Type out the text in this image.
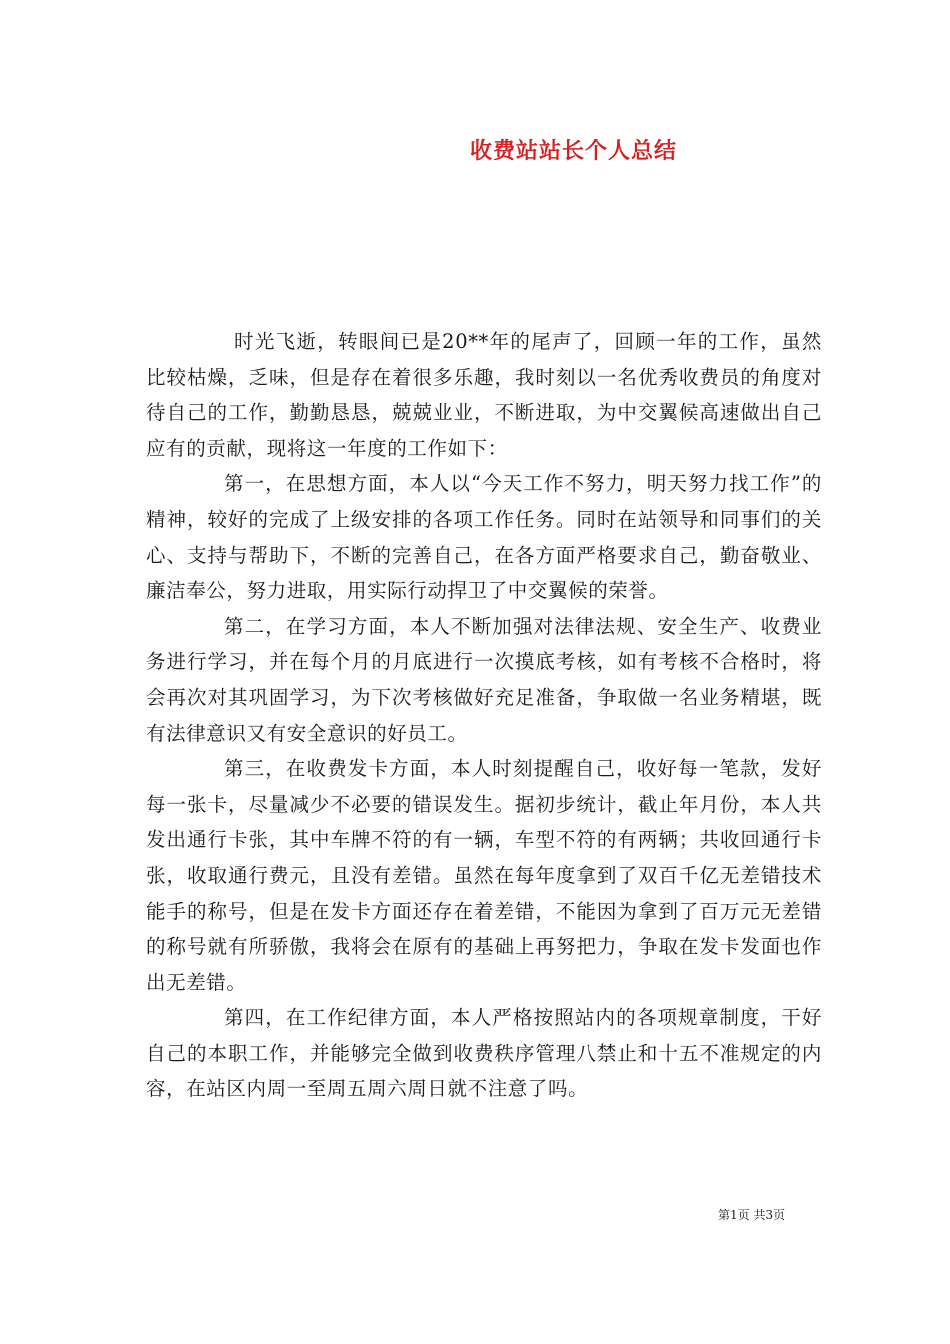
收费站站长个人总结

时光飞逝，转眼间已是20**年的尾声了，回顾一年的工作，虽然比较枯燥，乏味，但是存在着很多乐趣，我时刻以一名优秀收费员的角度对待自己的工作，勤勤恳恳，兢兢业业，不断进取，为中交翼候高速做出自己应有的贡献，现将这一年度的工作如下：

第一，在思想方面，本人以“今天工作不努力，明天努力找工作”的精神，较好的完成了上级安排的各项工作任务。同时在站领导和同事们的关心、支持与帮助下，不断的完善自己，在各方面严格要求自己，勤奋敬业、廉洁奉公，努力进取，用实际行动捍卫了中交翼候的荣誉。

第二，在学习方面，本人不断加强对法律法规、安全生产、收费业务进行学习，并在每个月的月底进行一次摸底考核，如有考核不合格时，将会再次对其巩固学习，为下次考核做好充足准备，争取做一名业务精堪，既有法律意识又有安全意识的好员工。

第三，在收费发卡方面，本人时刻提醒自己，收好每一笔款，发好每一张卡，尽量减少不必要的错误发生。据初步统计，截止年月份，本人共发出通行卡张，其中车牌不符的有一辆，车型不符的有两辆；共收回通行卡张，收取通行费元，且没有差错。虽然在每年度拿到了双百千亿无差错技术能手的称号，但是在发卡方面还存在着差错，不能因为拿到了百万元无差错的称号就有所骄傲，我将会在原有的基础上再努把力，争取在发卡发面也作出无差错。

第四，在工作纪律方面，本人严格按照站内的各项规章制度，干好自己的本职工作，并能够完全做到收费秩序管理八禁止和十五不准规定的内容，在站区内周一至周五周六周日就不注意了吗。

第1页 共3页
